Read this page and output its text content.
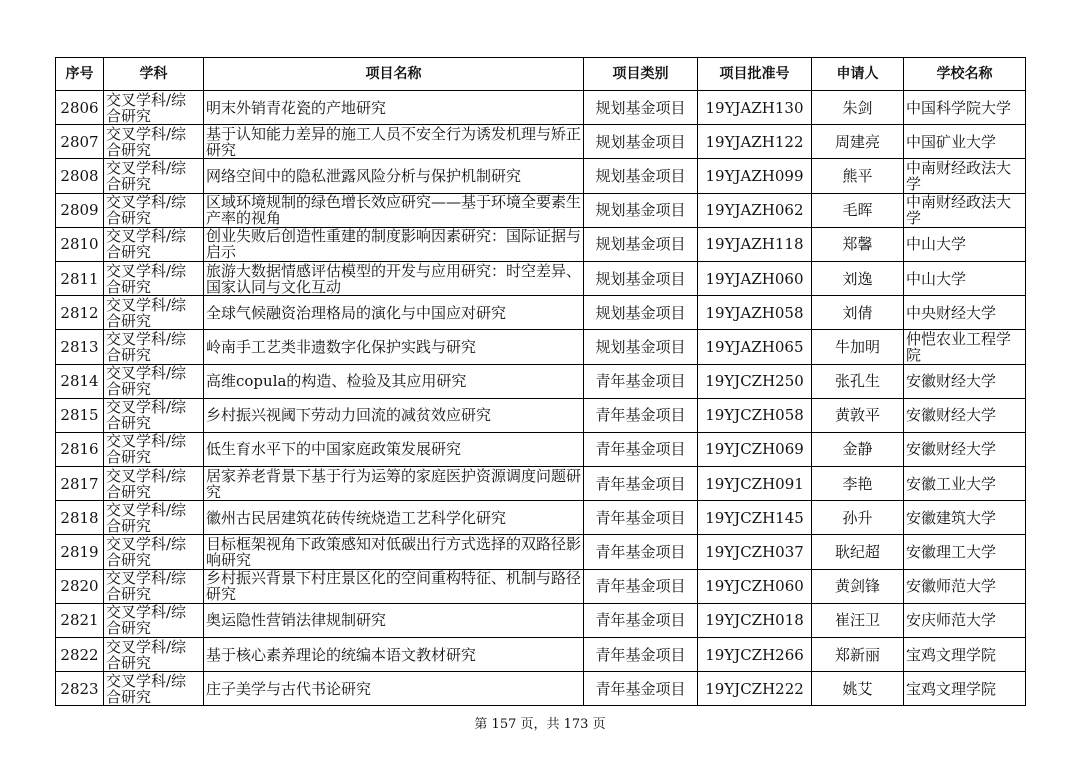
序号	学科	项目名称	项目类别	项目批准号	申请人	学校名称

2806	交叉学科/综合研究	明末外销青花瓷的产地研究	规划基金项目	19YJAZH130	朱剑	中国科学院大学

2807	交叉学科/综合研究	基于认知能力差异的施工人员不安全行为诱发机理与矫正研究	规划基金项目	19YJAZH122	周建亮	中国矿业大学

2808	交叉学科/综合研究	网络空间中的隐私泄露风险分析与保护机制研究	规划基金项目	19YJAZH099	熊平	中南财经政法大学

2809	交叉学科/综合研究	区域环境规制的绿色增长效应研究——基于环境全要素生产率的视角	规划基金项目	19YJAZH062	毛晖	中南财经政法大学

2810	交叉学科/综合研究	创业失败后创造性重建的制度影响因素研究：国际证据与启示	规划基金项目	19YJAZH118	郑馨	中山大学

2811	交叉学科/综合研究	旅游大数据情感评估模型的开发与应用研究：时空差异、国家认同与文化互动	规划基金项目	19YJAZH060	刘逸	中山大学

2812	交叉学科/综合研究	全球气候融资治理格局的演化与中国应对研究	规划基金项目	19YJAZH058	刘倩	中央财经大学

2813	交叉学科/综合研究	岭南手工艺类非遗数字化保护实践与研究	规划基金项目	19YJAZH065	牛加明	仲恺农业工程学院

2814	交叉学科/综合研究	高维copula的构造、检验及其应用研究	青年基金项目	19YJCZH250	张孔生	安徽财经大学

2815	交叉学科/综合研究	乡村振兴视阈下劳动力回流的减贫效应研究	青年基金项目	19YJCZH058	黄敦平	安徽财经大学

2816	交叉学科/综合研究	低生育水平下的中国家庭政策发展研究	青年基金项目	19YJCZH069	金静	安徽财经大学

2817	交叉学科/综合研究	居家养老背景下基于行为运筹的家庭医护资源调度问题研究	青年基金项目	19YJCZH091	李艳	安徽工业大学

2818	交叉学科/综合研究	徽州古民居建筑花砖传统烧造工艺科学化研究	青年基金项目	19YJCZH145	孙升	安徽建筑大学

2819	交叉学科/综合研究	目标框架视角下政策感知对低碳出行方式选择的双路径影响研究	青年基金项目	19YJCZH037	耿纪超	安徽理工大学

2820	交叉学科/综合研究	乡村振兴背景下村庄景区化的空间重构特征、机制与路径研究	青年基金项目	19YJCZH060	黄剑锋	安徽师范大学

2821	交叉学科/综合研究	奥运隐性营销法律规制研究	青年基金项目	19YJCZH018	崔汪卫	安庆师范大学

2822	交叉学科/综合研究	基于核心素养理论的统编本语文教材研究	青年基金项目	19YJCZH266	郑新丽	宝鸡文理学院

2823	交叉学科/综合研究	庄子美学与古代书论研究	青年基金项目	19YJCZH222	姚艾	宝鸡文理学院
第 157 页，共 173 页
